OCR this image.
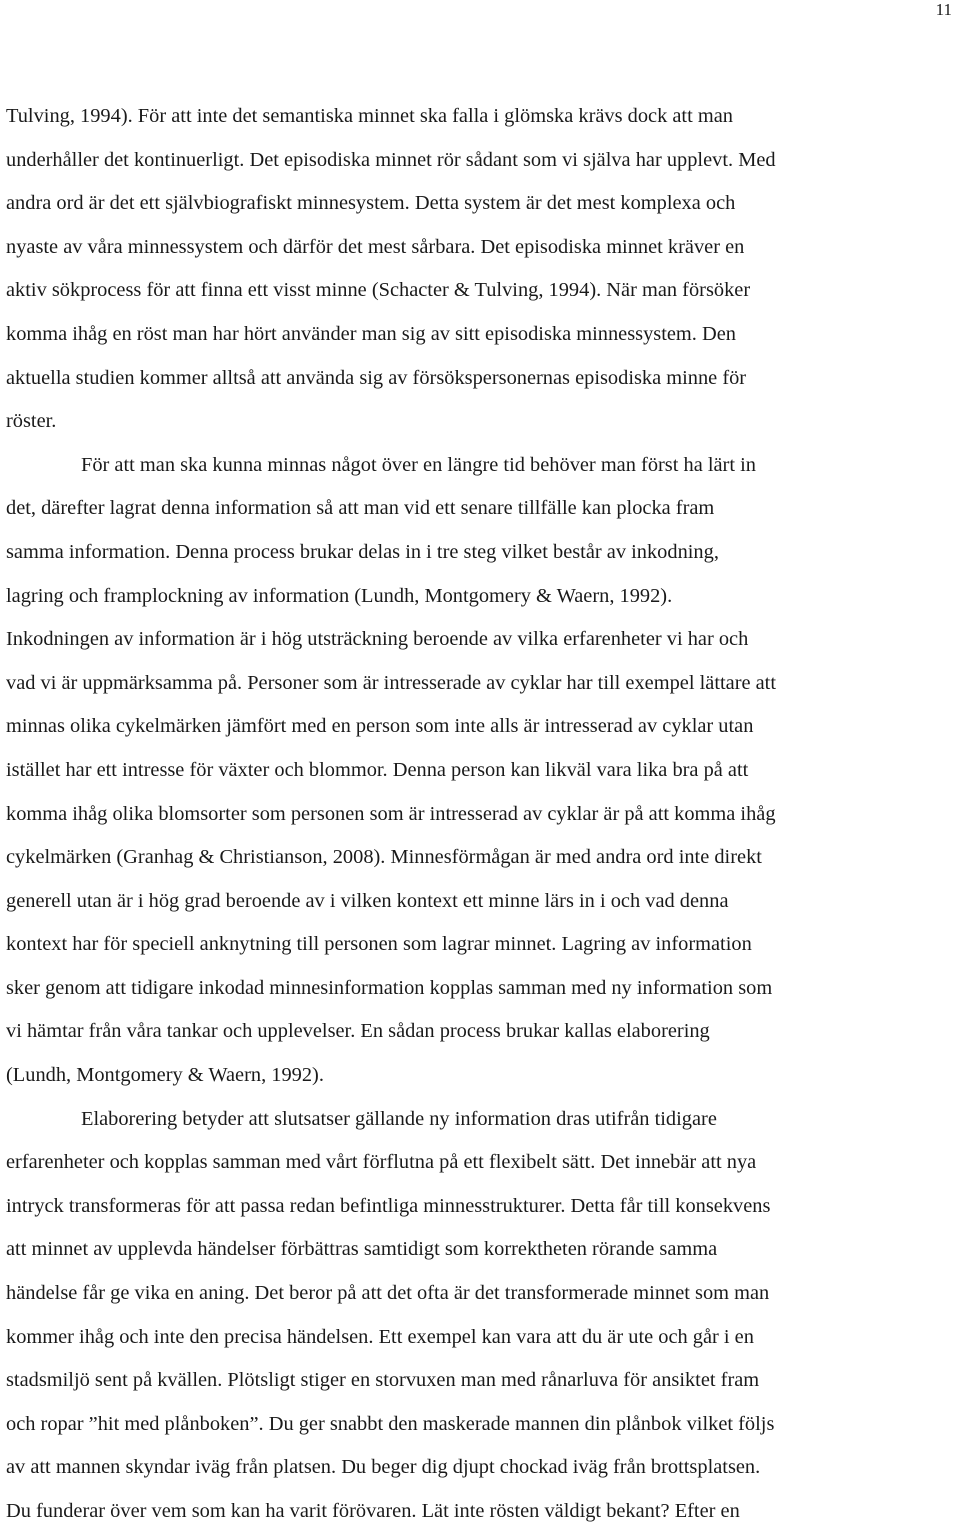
11
Tulving, 1994). För att inte det semantiska minnet ska falla i glömska krävs dock att man
underhåller det kontinuerligt. Det episodiska minnet rör sådant som vi själva har upplevt. Med
andra ord är det ett självbiografiskt minnesystem. Detta system är det mest komplexa och
nyaste av våra minnessystem och därför det mest sårbara. Det episodiska minnet kräver en
aktiv sökprocess för att finna ett visst minne (Schacter & Tulving, 1994). När man försöker
komma ihåg en röst man har hört använder man sig av sitt episodiska minnessystem. Den
aktuella studien kommer alltså att använda sig av försökspersonernas episodiska minne för
röster.
För att man ska kunna minnas något över en längre tid behöver man först ha lärt in
det, därefter lagrat denna information så att man vid ett senare tillfälle kan plocka fram
samma information. Denna process brukar delas in i tre steg vilket består av inkodning,
lagring och framplockning av information (Lundh, Montgomery & Waern, 1992).
Inkodningen av information är i hög utsträckning beroende av vilka erfarenheter vi har och
vad vi är uppmärksamma på. Personer som är intresserade av cyklar har till exempel lättare att
minnas olika cykelmärken jämfört med en person som inte alls är intresserad av cyklar utan
istället har ett intresse för växter och blommor. Denna person kan likväl vara lika bra på att
komma ihåg olika blomsorter som personen som är intresserad av cyklar är på att komma ihåg
cykelmärken (Granhag & Christianson, 2008). Minnesförmågan är med andra ord inte direkt
generell utan är i hög grad beroende av i vilken kontext ett minne lärs in i och vad denna
kontext har för speciell anknytning till personen som lagrar minnet. Lagring av information
sker genom att tidigare inkodad minnesinformation kopplas samman med ny information som
vi hämtar från våra tankar och upplevelser. En sådan process brukar kallas elaborering
(Lundh, Montgomery & Waern, 1992).
Elaborering betyder att slutsatser gällande ny information dras utifrån tidigare
erfarenheter och kopplas samman med vårt förflutna på ett flexibelt sätt. Det innebär att nya
intryck transformeras för att passa redan befintliga minnesstrukturer. Detta får till konsekvens
att minnet av upplevda händelser förbättras samtidigt som korrektheten rörande samma
händelse får ge vika en aning. Det beror på att det ofta är det transformerade minnet som man
kommer ihåg och inte den precisa händelsen. Ett exempel kan vara att du är ute och går i en
stadsmiljö sent på kvällen. Plötsligt stiger en storvuxen man med rånarluva för ansiktet fram
och ropar ”hit med plånboken”. Du ger snabbt den maskerade mannen din plånbok vilket följs
av att mannen skyndar iväg från platsen. Du beger dig djupt chockad iväg från brottsplatsen.
Du funderar över vem som kan ha varit förövaren. Lät inte rösten väldigt bekant? Efter en
